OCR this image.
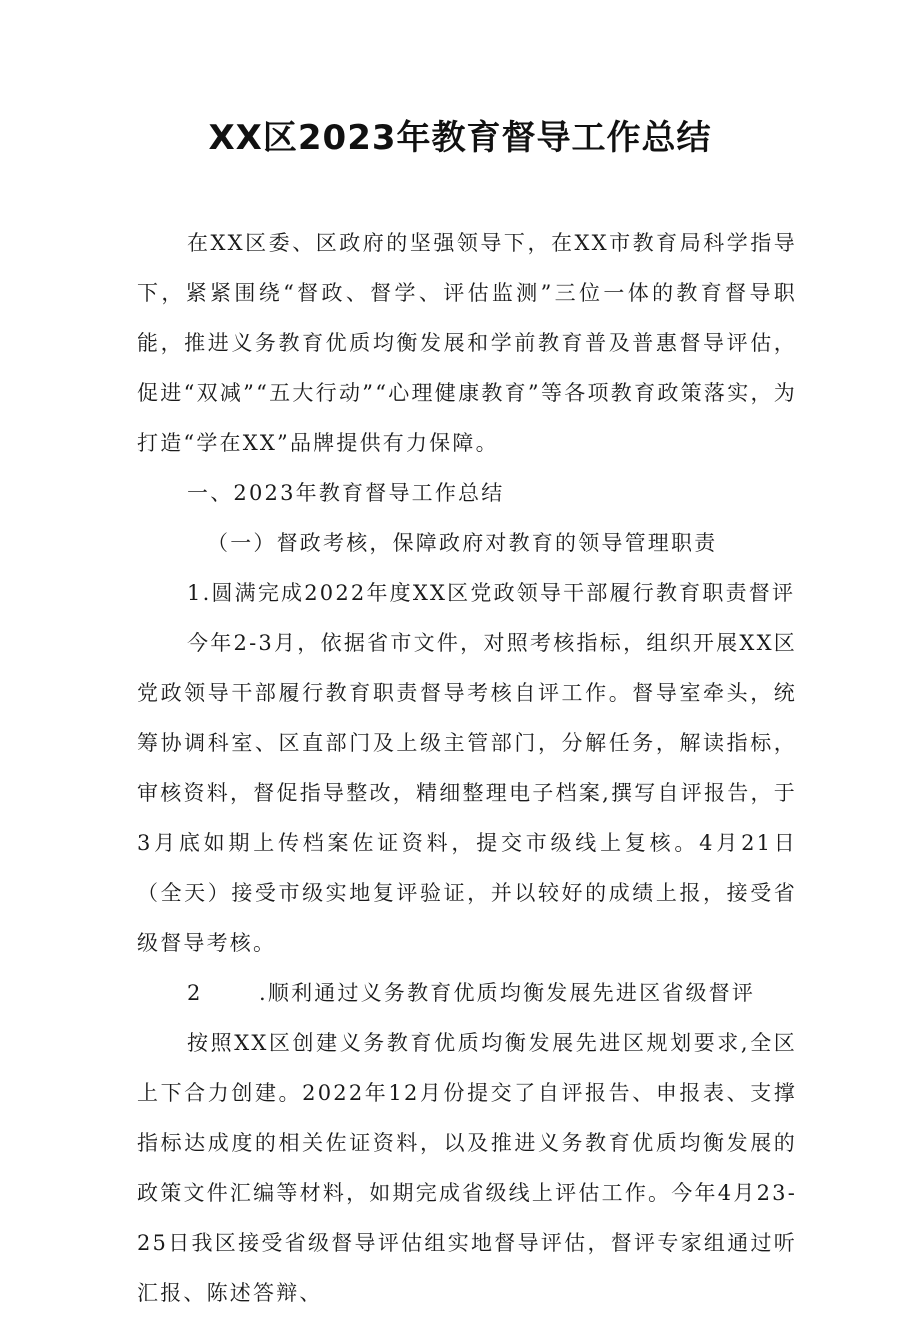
XX区2023年教育督导工作总结

在XX区委、区政府的坚强领导下，在XX市教育局科学指导下，紧紧围绕“督政、督学、评估监测”三位一体的教育督导职能，推进义务教育优质均衡发展和学前教育普及普惠督导评估，促进“双减”“五大行动”“心理健康教育”等各项教育政策落实，为打造“学在XX”品牌提供有力保障。

一、2023年教育督导工作总结

（一）督政考核，保障政府对教育的领导管理职责

1.圆满完成2022年度XX区党政领导干部履行教育职责督评

今年2-3月，依据省市文件，对照考核指标，组织开展XX区党政领导干部履行教育职责督导考核自评工作。督导室牵头，统筹协调科室、区直部门及上级主管部门，分解任务，解读指标，审核资料，督促指导整改，精细整理电子档案,撰写自评报告，于3月底如期上传档案佐证资料，提交市级线上复核。4月21日（全天）接受市级实地复评验证，并以较好的成绩上报，接受省级督导考核。

2	.顺利通过义务教育优质均衡发展先进区省级督评

按照XX区创建义务教育优质均衡发展先进区规划要求,全区上下合力创建。2022年12月份提交了自评报告、申报表、支撑指标达成度的相关佐证资料，以及推进义务教育优质均衡发展的政策文件汇编等材料，如期完成省级线上评估工作。今年4月23-25日我区接受省级督导评估组实地督导评估，督评专家组通过听汇报、陈述答辩、
